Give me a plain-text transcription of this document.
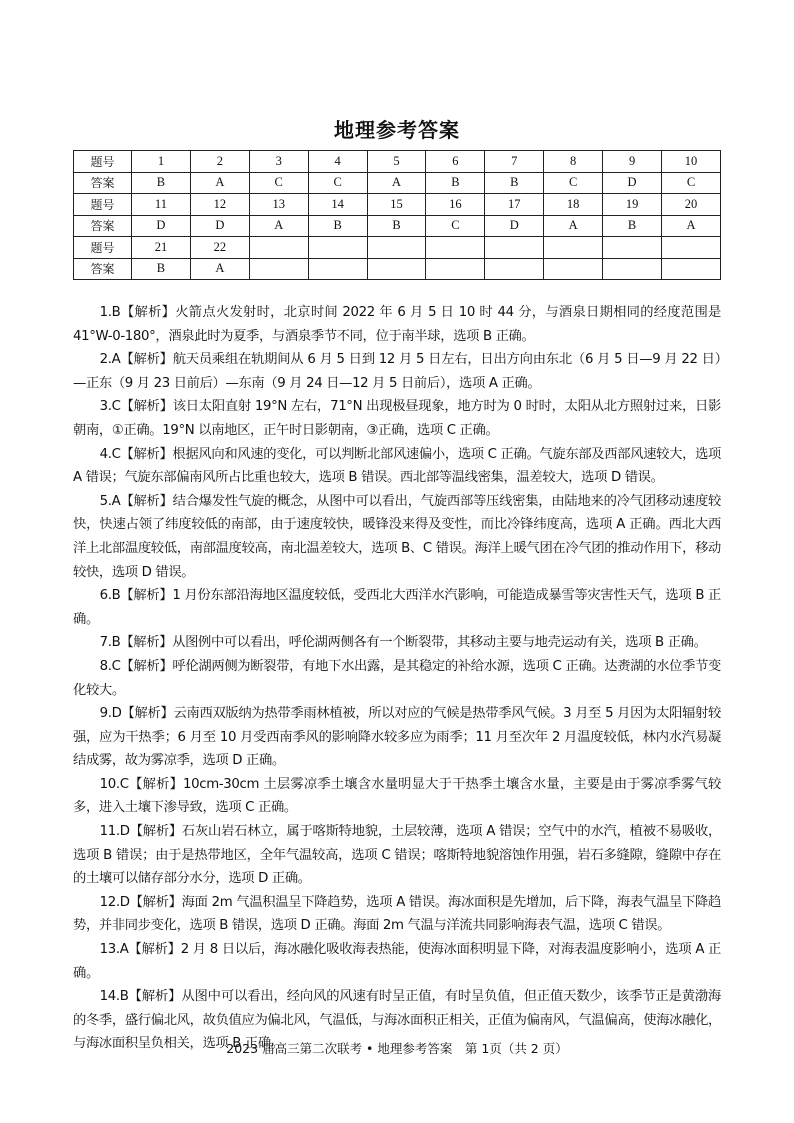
地理参考答案
题号	1	2	3	4	5	6	7	8	9	10
答案	B	A	C	C	A	B	B	C	D	C
题号	11	12	13	14	15	16	17	18	19	20
答案	D	D	A	B	B	C	D	A	B	A
题号	21	22								
答案	B	A								

1.B【解析】火箭点火发射时，北京时间 2022 年 6 月 5 日 10 时 44 分，与酒泉日期相同的经度范围是 41°W-0-180°，酒泉此时为夏季，与酒泉季节不同，位于南半球，选项 B 正确。

2.A【解析】航天员乘组在轨期间从 6 月 5 日到 12 月 5 日左右，日出方向由东北（6 月 5 日—9 月 22 日）—正东（9 月 23 日前后）—东南（9 月 24 日—12 月 5 日前后），选项 A 正确。

3.C【解析】该日太阳直射 19°N 左右，71°N 出现极昼现象，地方时为 0 时时，太阳从北方照射过来，日影朝南，①正确。19°N 以南地区，正午时日影朝南，③正确，选项 C 正确。

4.C【解析】根据风向和风速的变化，可以判断北部风速偏小，选项 C 正确。气旋东部及西部风速较大，选项 A 错误；气旋东部偏南风所占比重也较大，选项 B 错误。西北部等温线密集，温差较大，选项 D 错误。

5.A【解析】结合爆发性气旋的概念，从图中可以看出，气旋西部等压线密集，由陆地来的冷气团移动速度较快，快速占领了纬度较低的南部，由于速度较快，暖锋没来得及变性，而比冷锋纬度高，选项 A 正确。西北大西洋上北部温度较低，南部温度较高，南北温差较大，选项 B、C 错误。海洋上暖气团在冷气团的推动作用下，移动较快，选项 D 错误。

6.B【解析】1 月份东部沿海地区温度较低，受西北大西洋水汽影响，可能造成暴雪等灾害性天气，选项 B 正确。

7.B【解析】从图例中可以看出，呼伦湖两侧各有一个断裂带，其移动主要与地壳运动有关，选项 B 正确。

8.C【解析】呼伦湖两侧为断裂带，有地下水出露，是其稳定的补给水源，选项 C 正确。达赉湖的水位季节变化较大。

9.D【解析】云南西双版纳为热带季雨林植被，所以对应的气候是热带季风气候。3 月至 5 月因为太阳辐射较强，应为干热季；6 月至 10 月受西南季风的影响降水较多应为雨季；11 月至次年 2 月温度较低，林内水汽易凝结成雾，故为雾凉季，选项 D 正确。

10.C【解析】10cm-30cm 土层雾凉季土壤含水量明显大于干热季土壤含水量，主要是由于雾凉季雾气较多，进入土壤下渗导致，选项 C 正确。

11.D【解析】石灰山岩石林立，属于喀斯特地貌，土层较薄，选项 A 错误；空气中的水汽，植被不易吸收，选项 B 错误；由于是热带地区，全年气温较高，选项 C 错误；喀斯特地貌溶蚀作用强，岩石多缝隙，缝隙中存在的土壤可以储存部分水分，选项 D 正确。

12.D【解析】海面 2m 气温积温呈下降趋势，选项 A 错误。海冰面积是先增加，后下降，海表气温呈下降趋势，并非同步变化，选项 B 错误，选项 D 正确。海面 2m 气温与洋流共同影响海表气温，选项 C 错误。

13.A【解析】2 月 8 日以后，海冰融化吸收海表热能，使海冰面积明显下降，对海表温度影响小，选项 A 正确。

14.B【解析】从图中可以看出，经向风的风速有时呈正值，有时呈负值，但正值天数少，该季节正是黄渤海的冬季，盛行偏北风，故负值应为偏北风，气温低，与海冰面积正相关，正值为偏南风，气温偏高，使海冰融化，与海冰面积呈负相关，选项 B 正确。

2023 届高三第二次联考 • 地理参考答案　第 1页（共 2 页）
